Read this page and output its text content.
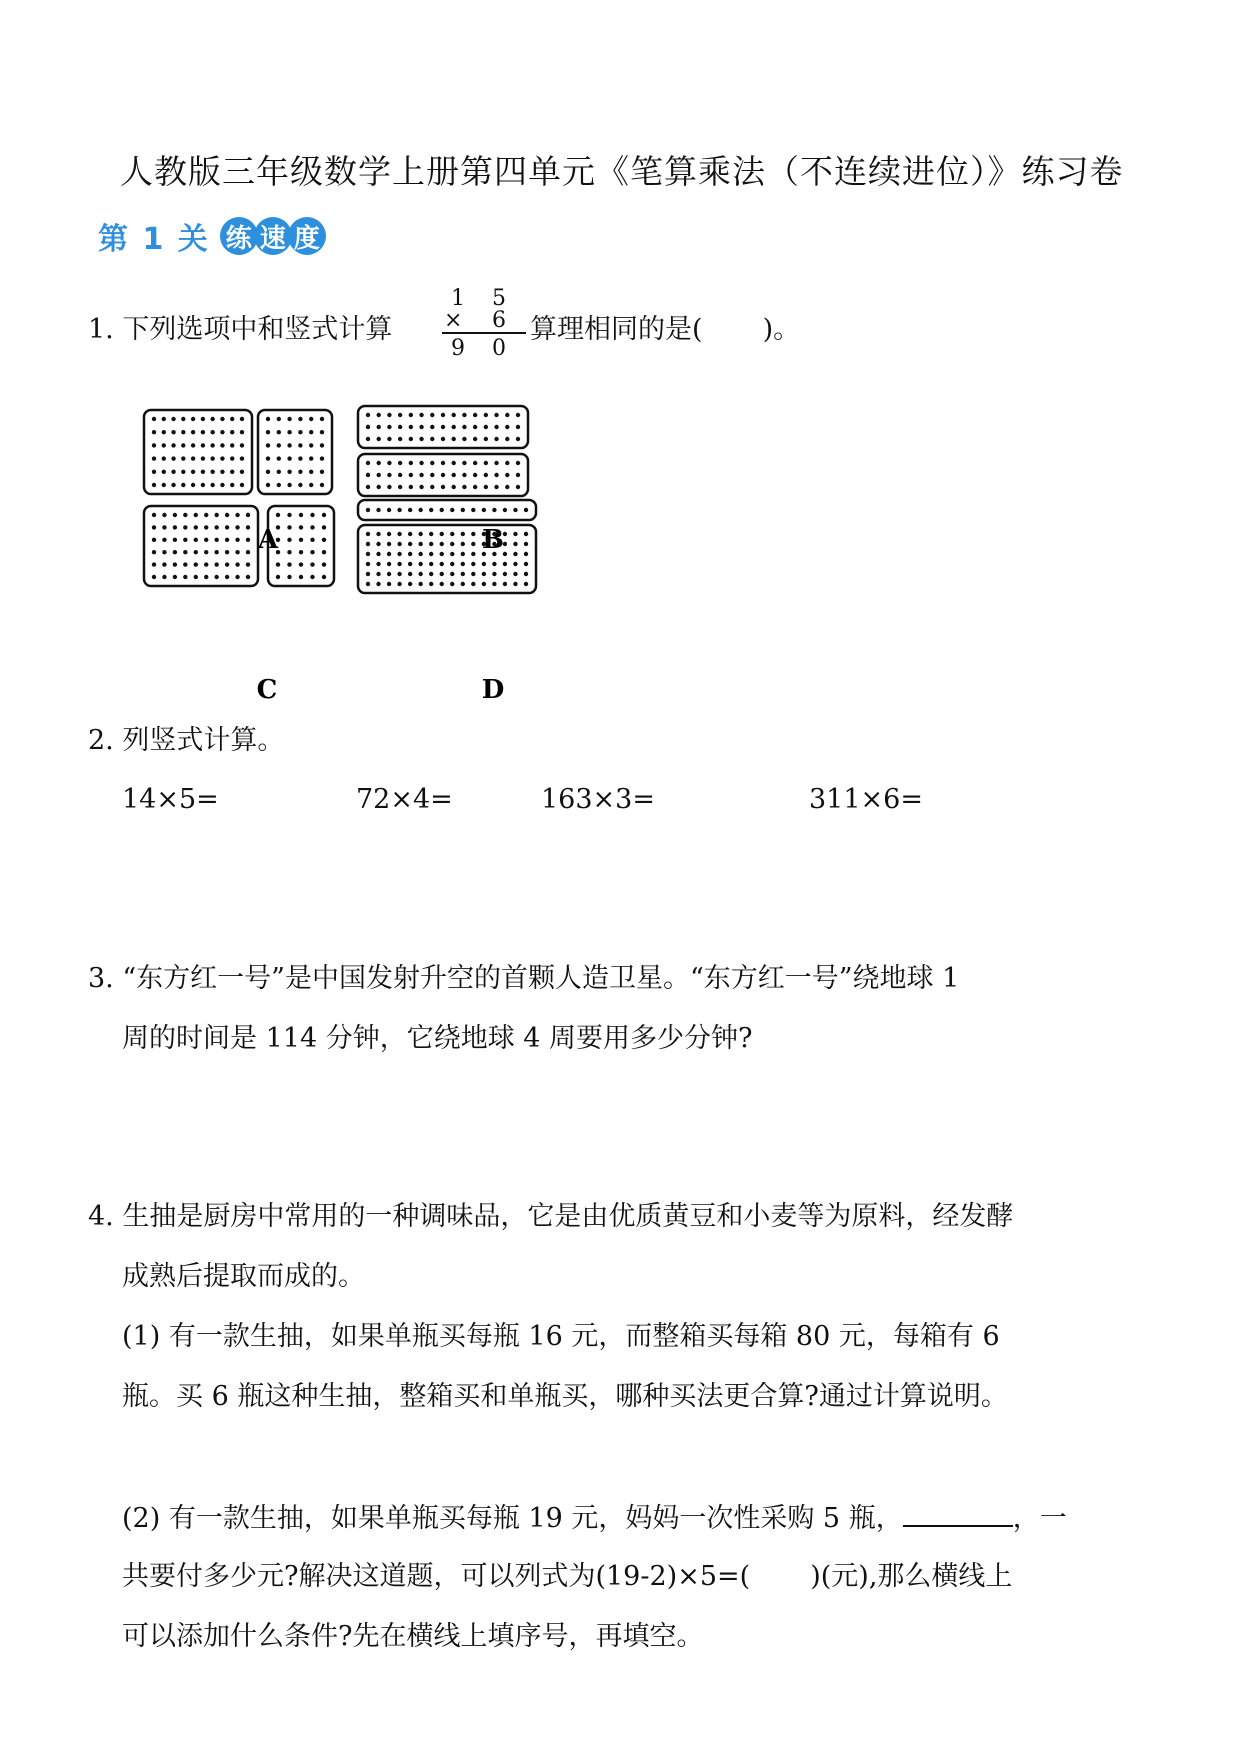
人教版三年级数学上册第四单元《笔算乘法（不连续进位）》练习卷
第 1 关 练 速 度
1. 下列选项中和竖式计算
1 5
× 6
9 0
算理相同的是(       )。
A	B
C	D
2. 列竖式计算。
14×5=	72×4=	163×3=	311×6=
3. “东方红一号”是中国发射升空的首颗人造卫星。“东方红一号”绕地球 1
周的时间是 114 分钟，它绕地球 4 周要用多少分钟?
4. 生抽是厨房中常用的一种调味品，它是由优质黄豆和小麦等为原料，经发酵
成熟后提取而成的。
(1) 有一款生抽，如果单瓶买每瓶 16 元，而整箱买每箱 80 元，每箱有 6
瓶。买 6 瓶这种生抽，整箱买和单瓶买，哪种买法更合算?通过计算说明。
(2) 有一款生抽，如果单瓶买每瓶 19 元，妈妈一次性采购 5 瓶，	，一
共要付多少元?解决这道题，可以列式为(19-2)×5=(       )(元),那么横线上
可以添加什么条件?先在横线上填序号，再填空。
